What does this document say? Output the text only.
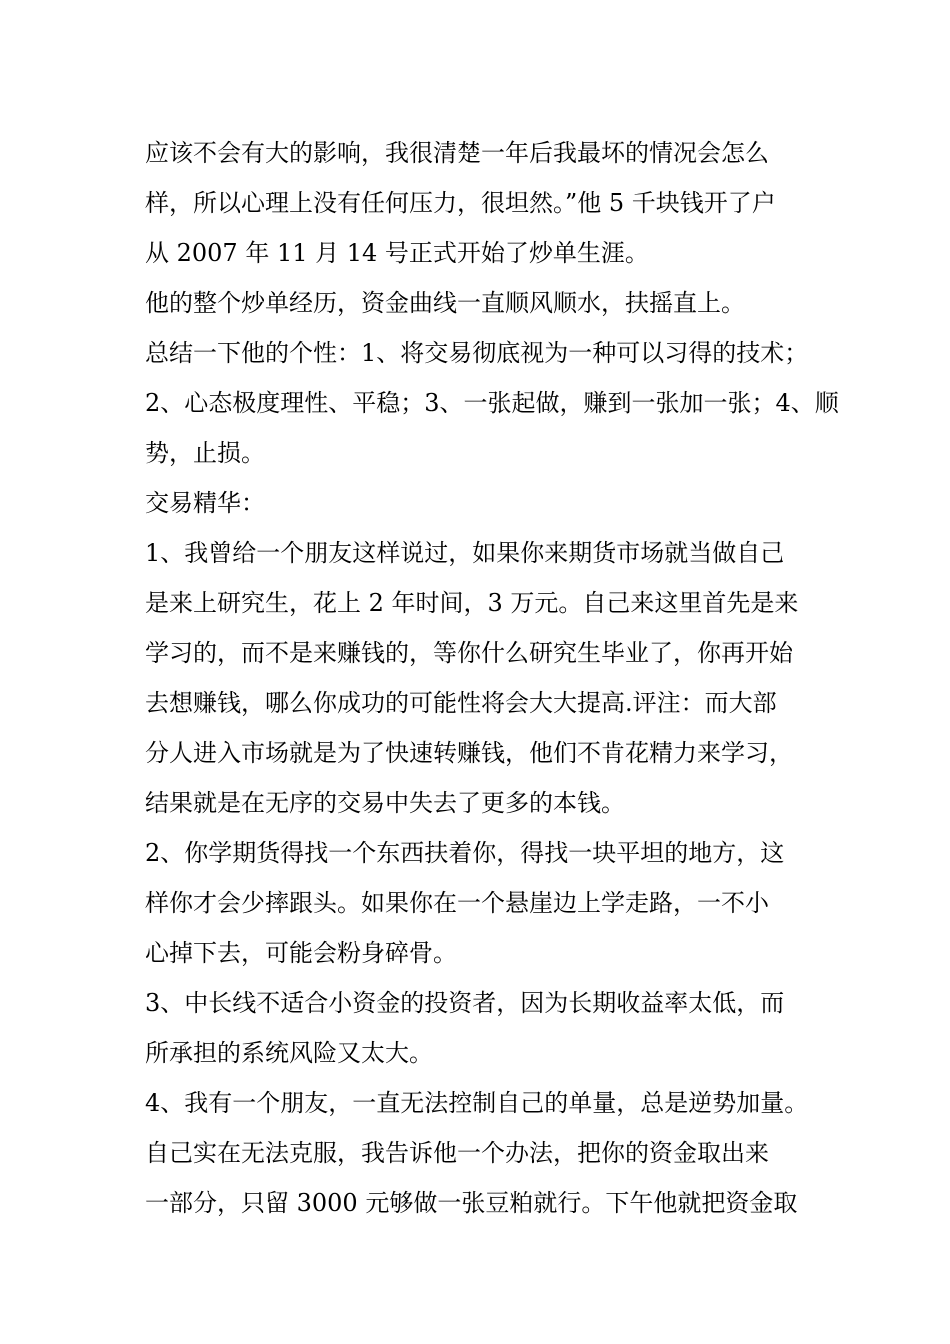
应该不会有大的影响，我很清楚一年后我最坏的情况会怎么
样，所以心理上没有任何压力，很坦然。”他 5 千块钱开了户
从 2007 年 11 月 14 号正式开始了炒单生涯。
他的整个炒单经历，资金曲线一直顺风顺水，扶摇直上。
总结一下他的个性：1、将交易彻底视为一种可以习得的技术；
2、心态极度理性、平稳；3、一张起做，赚到一张加一张；4、顺
势，止损。
交易精华：
1、我曾给一个朋友这样说过，如果你来期货市场就当做自己
是来上研究生，花上 2 年时间，3 万元。自己来这里首先是来
学习的，而不是来赚钱的，等你什么研究生毕业了，你再开始
去想赚钱，哪么你成功的可能性将会大大提高.评注：而大部
分人进入市场就是为了快速转赚钱，他们不肯花精力来学习，
结果就是在无序的交易中失去了更多的本钱。
2、你学期货得找一个东西扶着你，得找一块平坦的地方，这
样你才会少摔跟头。如果你在一个悬崖边上学走路，一不小
心掉下去，可能会粉身碎骨。
3、中长线不适合小资金的投资者，因为长期收益率太低，而
所承担的系统风险又太大。
4、我有一个朋友，一直无法控制自己的单量，总是逆势加量。
自己实在无法克服，我告诉他一个办法，把你的资金取出来
一部分，只留 3000 元够做一张豆粕就行。下午他就把资金取
